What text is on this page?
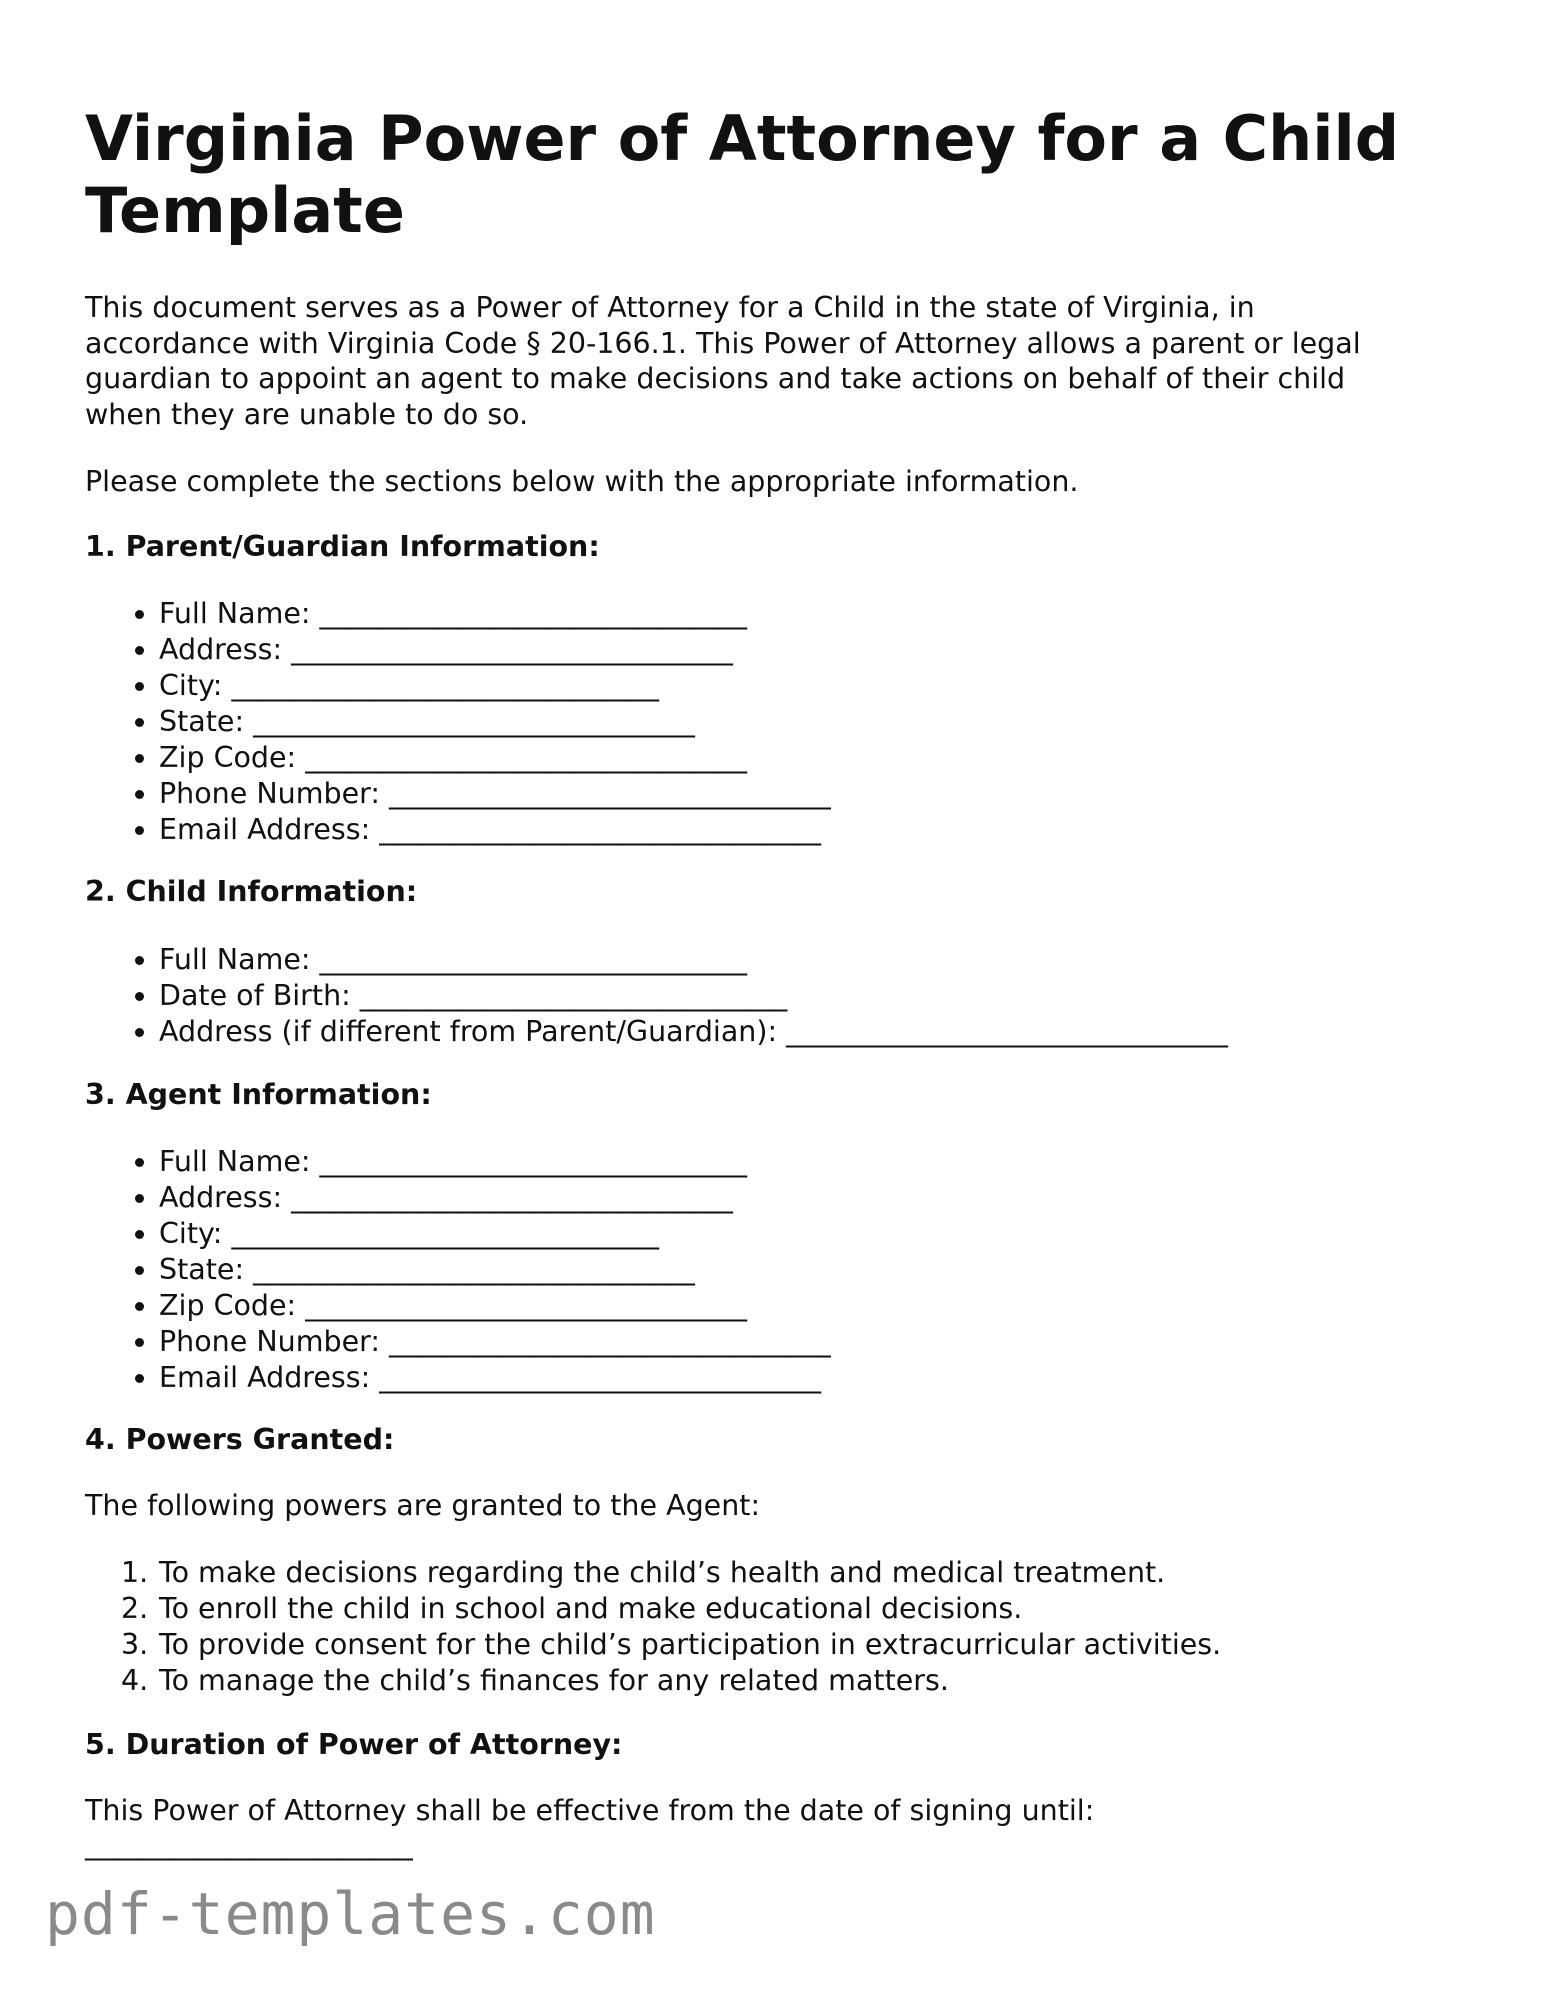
Virginia Power of Attorney for a Child Template

This document serves as a Power of Attorney for a Child in the state of Virginia, in

accordance with Virginia Code § 20-166.1. This Power of Attorney allows a parent or legal

guardian to appoint an agent to make decisions and take actions on behalf of their child

when they are unable to do so.

Please complete the sections below with the appropriate information.

1. Parent/Guardian Information:

• Full Name: ______________________________
• Address: _______________________________
• City: ______________________________
• State: _______________________________
• Zip Code: _______________________________
• Phone Number: _______________________________
• Email Address: _______________________________

2. Child Information:

• Full Name: ______________________________
• Date of Birth: ______________________________
• Address (if different from Parent/Guardian): _______________________________

3. Agent Information:

• Full Name: ______________________________
• Address: _______________________________
• City: ______________________________
• State: _______________________________
• Zip Code: _______________________________
• Phone Number: _______________________________
• Email Address: _______________________________

4. Powers Granted:

The following powers are granted to the Agent:

1. To make decisions regarding the child’s health and medical treatment.
2. To enroll the child in school and make educational decisions.
3. To provide consent for the child’s participation in extracurricular activities.
4. To manage the child’s finances for any related matters.

5. Duration of Power of Attorney:

This Power of Attorney shall be effective from the date of signing until:

_______________________

pdf-templates.com
